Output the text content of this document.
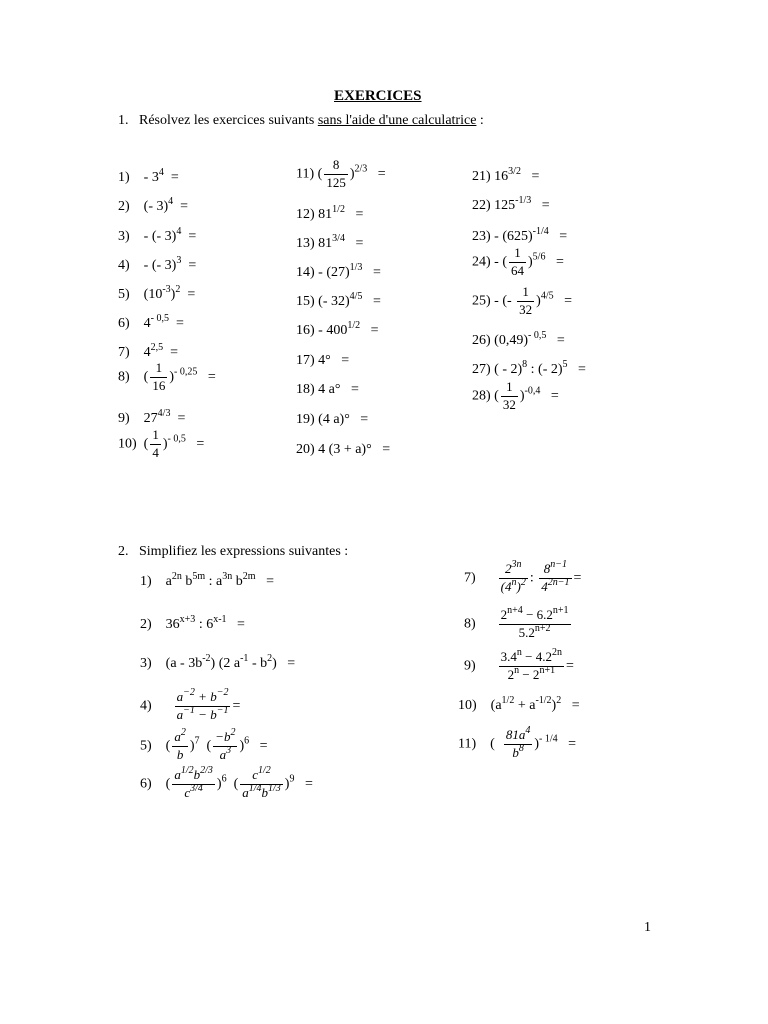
EXERCICES
1. Résolvez les exercices suivants sans l'aide d'une calculatrice :
1)    - $3^4$  =
2)    (- 3)$^4$  =
3)    - (- 3)$^4$  =
4)    - (- 3)$^3$  =
5)    $(10^{-3})^2$  =
6)    $4^{- 0,5}$  =
7)    4$^{2,5}$  =
8)    ( $\frac{1}{16} )^{- 0,25}$   =
9)    $27^{4/3}$  =
10)  ( $\frac{1}{4} )^{- 0,5}$   =
11) ( $\frac{8}{125} )^{2/3}$   =
12) $81^{1/2}$   =
13) $81^{3/4}$   =
$14) - (27)^{1/3}$   =
15) (- 32)$^{4/5}$   =
$16) - 400^{1/2}$   =
17) 4°   =
18) 4 a°   =
19) (4 a)°   =
20) 4 (3 + a)°   =
21) $16^{3/2}$   =
22) $125^{-1/3}$   =
$23) - (625)^{-1/4}$   =
24) - ( $\frac{1}{64} )^{5/6}$   =
25) - (- $\frac{1}{32} )^{4/5}$   =
26) $(0,49)^{- 0,5}$   =
27) ( - 2)$^8$ : (- 2)$^5$   =
28) ( $\frac{1}{32} )^{-0,4}$   =
2. Simplifiez les expressions suivantes :
1)    $a^{2n}$ $b^{5m}$ : $a^{3n}$ $b^{2m}$   =
2)    $36^{x+3}$ : 6$^{x-1}$   =
3)    $(a - 3b^{-2})$ (2 $a^{-1} - b^2$)   =
$4) \frac{a^{-2} + b^{-2}}{a^{-1} - b^{-1}}$ =
5)    ( $\frac{a^2}{b} )^7$  ( $\frac{-b^2}{a^3} )^6$   =
6)    ( $\frac{a^{1/2}b^{2/3}}{c^{3/4}} )^6$  ( $\frac{c^{1/2}}{a^{1/4}b^{1/3}} )^9$   =
$7) \frac{2^{3n}}{(4^n)^2}$ : $\frac{8^{n-1}}{4^{2n-1}}$ =
$8) \frac{2^{n+4} - 6.2^{n+1}}{5.2^{n+2}}$
$9) \frac{3.4^n - 4.2^{2n}}{2^n - 2^{n+1}}$ =
10)    $(a^{1/2} + a^{-1/2})^2$   =
11)    ( $\frac{81a^4}{b^8} )^{- 1/4}$   =
1
